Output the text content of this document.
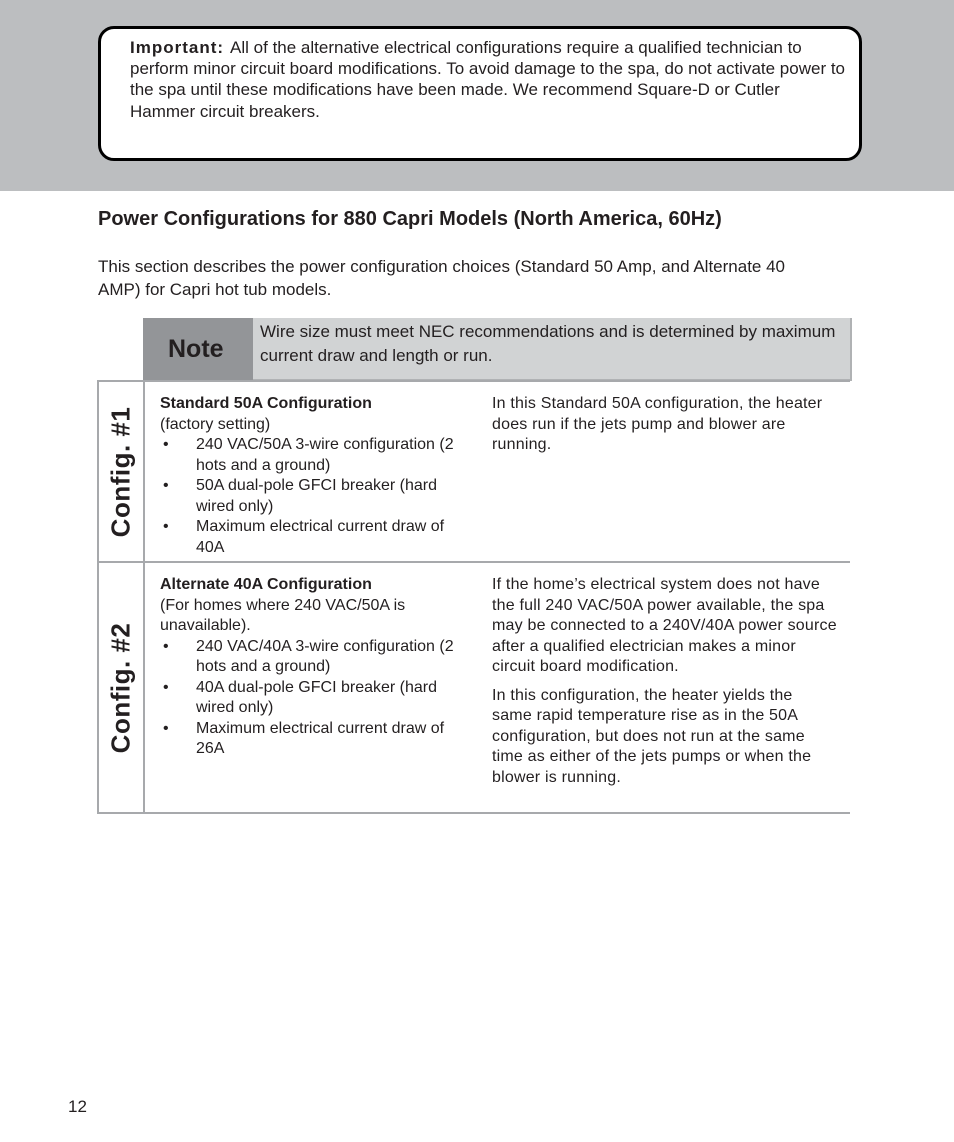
Important: All of the alternative electrical configurations require a qualified technician to perform minor circuit board modifications. To avoid damage to the spa, do not activate power to the spa until these modifications have been made. We recommend Square-D or Cutler Hammer circuit breakers.
Power Configurations for 880 Capri Models (North America, 60Hz)

This section describes the power configuration choices (Standard 50 Amp, and Alternate 40 AMP) for Capri hot tub models.

Note
Wire size must meet NEC recommendations and is determined by maximum current draw and length or run.
Config. #1
Standard 50A Configuration
(factory setting)
• 240 VAC/50A 3-wire configuration (2 hots and a ground)
• 50A dual-pole GFCI breaker (hard wired only)
• Maximum electrical current draw of 40A

In this Standard 50A configuration, the heater does run if the jets pump and blower are running.

Config. #2
Alternate 40A Configuration
(For homes where 240 VAC/50A is unavailable).
• 240 VAC/40A 3-wire configuration (2 hots and a ground)
• 40A dual-pole GFCI breaker (hard wired only)
• Maximum electrical current draw of 26A

If the home’s electrical system does not have the full 240 VAC/50A power available, the spa may be connected to a 240V/40A power source after a qualified electrician makes a minor circuit board modification.

In this configuration, the heater yields the same rapid temperature rise as in the 50A configuration, but does not run at the same time as either of the jets pumps or when the blower is running.

12
